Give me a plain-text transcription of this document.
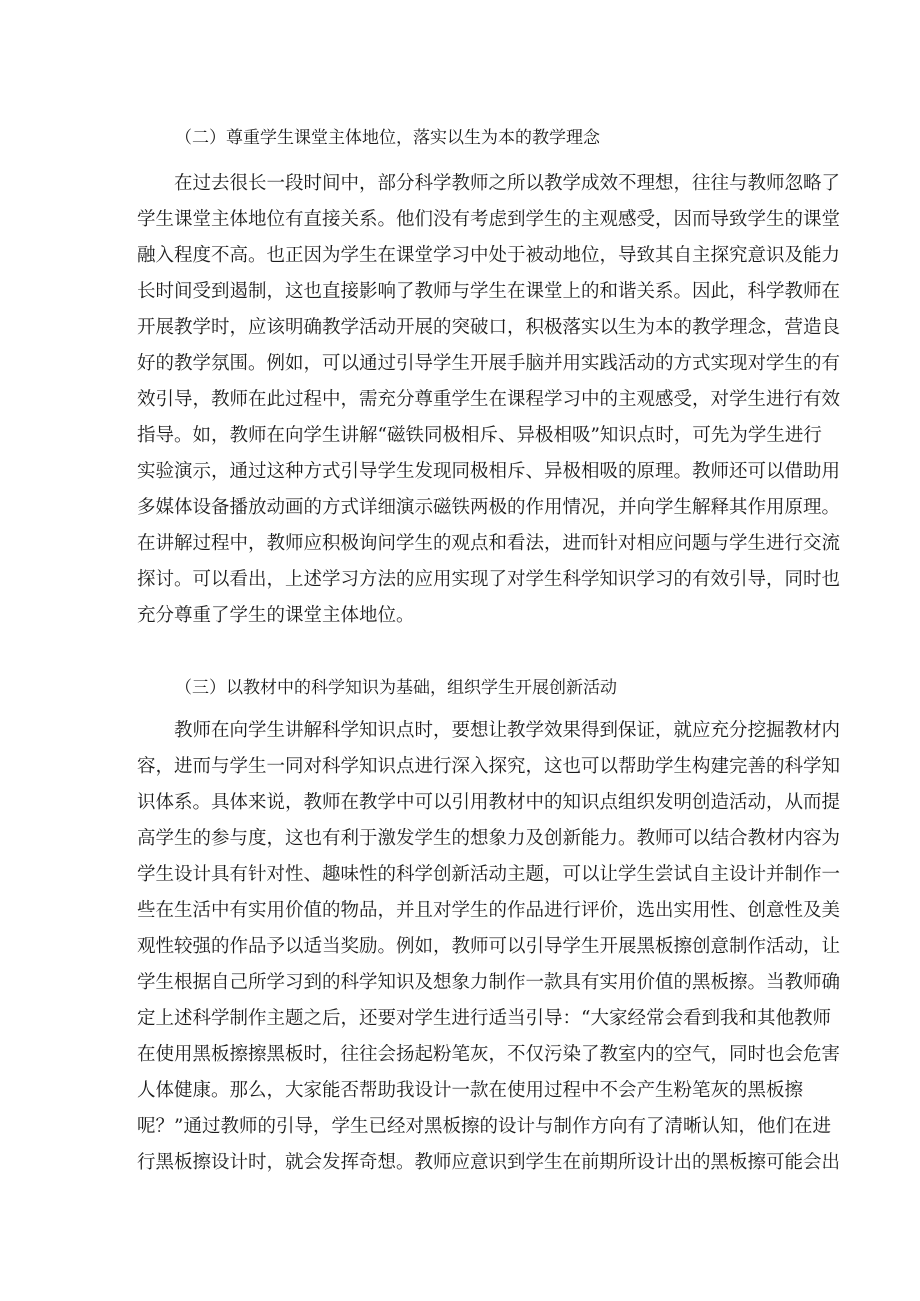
（二）尊重学生课堂主体地位，落实以生为本的教学理念
　　在过去很长一段时间中，部分科学教师之所以教学成效不理想，往往与教师忽略了
学生课堂主体地位有直接关系。他们没有考虑到学生的主观感受，因而导致学生的课堂
融入程度不高。也正因为学生在课堂学习中处于被动地位，导致其自主探究意识及能力
长时间受到遏制，这也直接影响了教师与学生在课堂上的和谐关系。因此，科学教师在
开展教学时，应该明确教学活动开展的突破口，积极落实以生为本的教学理念，营造良
好的教学氛围。例如，可以通过引导学生开展手脑并用实践活动的方式实现对学生的有
效引导，教师在此过程中，需充分尊重学生在课程学习中的主观感受，对学生进行有效
指导。如，教师在向学生讲解“磁铁同极相斥、异极相吸”知识点时，可先为学生进行
实验演示，通过这种方式引导学生发现同极相斥、异极相吸的原理。教师还可以借助用
多媒体设备播放动画的方式详细演示磁铁两极的作用情况，并向学生解释其作用原理。
在讲解过程中，教师应积极询问学生的观点和看法，进而针对相应问题与学生进行交流
探讨。可以看出，上述学习方法的应用实现了对学生科学知识学习的有效引导，同时也
充分尊重了学生的课堂主体地位。
（三）以教材中的科学知识为基础，组织学生开展创新活动
　　教师在向学生讲解科学知识点时，要想让教学效果得到保证，就应充分挖掘教材内
容，进而与学生一同对科学知识点进行深入探究，这也可以帮助学生构建完善的科学知
识体系。具体来说，教师在教学中可以引用教材中的知识点组织发明创造活动，从而提
高学生的参与度，这也有利于激发学生的想象力及创新能力。教师可以结合教材内容为
学生设计具有针对性、趣味性的科学创新活动主题，可以让学生尝试自主设计并制作一
些在生活中有实用价值的物品，并且对学生的作品进行评价，选出实用性、创意性及美
观性较强的作品予以适当奖励。例如，教师可以引导学生开展黑板擦创意制作活动，让
学生根据自己所学习到的科学知识及想象力制作一款具有实用价值的黑板擦。当教师确
定上述科学制作主题之后，还要对学生进行适当引导：“大家经常会看到我和其他教师
在使用黑板擦擦黑板时，往往会扬起粉笔灰，不仅污染了教室内的空气，同时也会危害
人体健康。那么，大家能否帮助我设计一款在使用过程中不会产生粉笔灰的黑板擦
呢？”通过教师的引导，学生已经对黑板擦的设计与制作方向有了清晰认知，他们在进
行黑板擦设计时，就会发挥奇想。教师应意识到学生在前期所设计出的黑板擦可能会出
